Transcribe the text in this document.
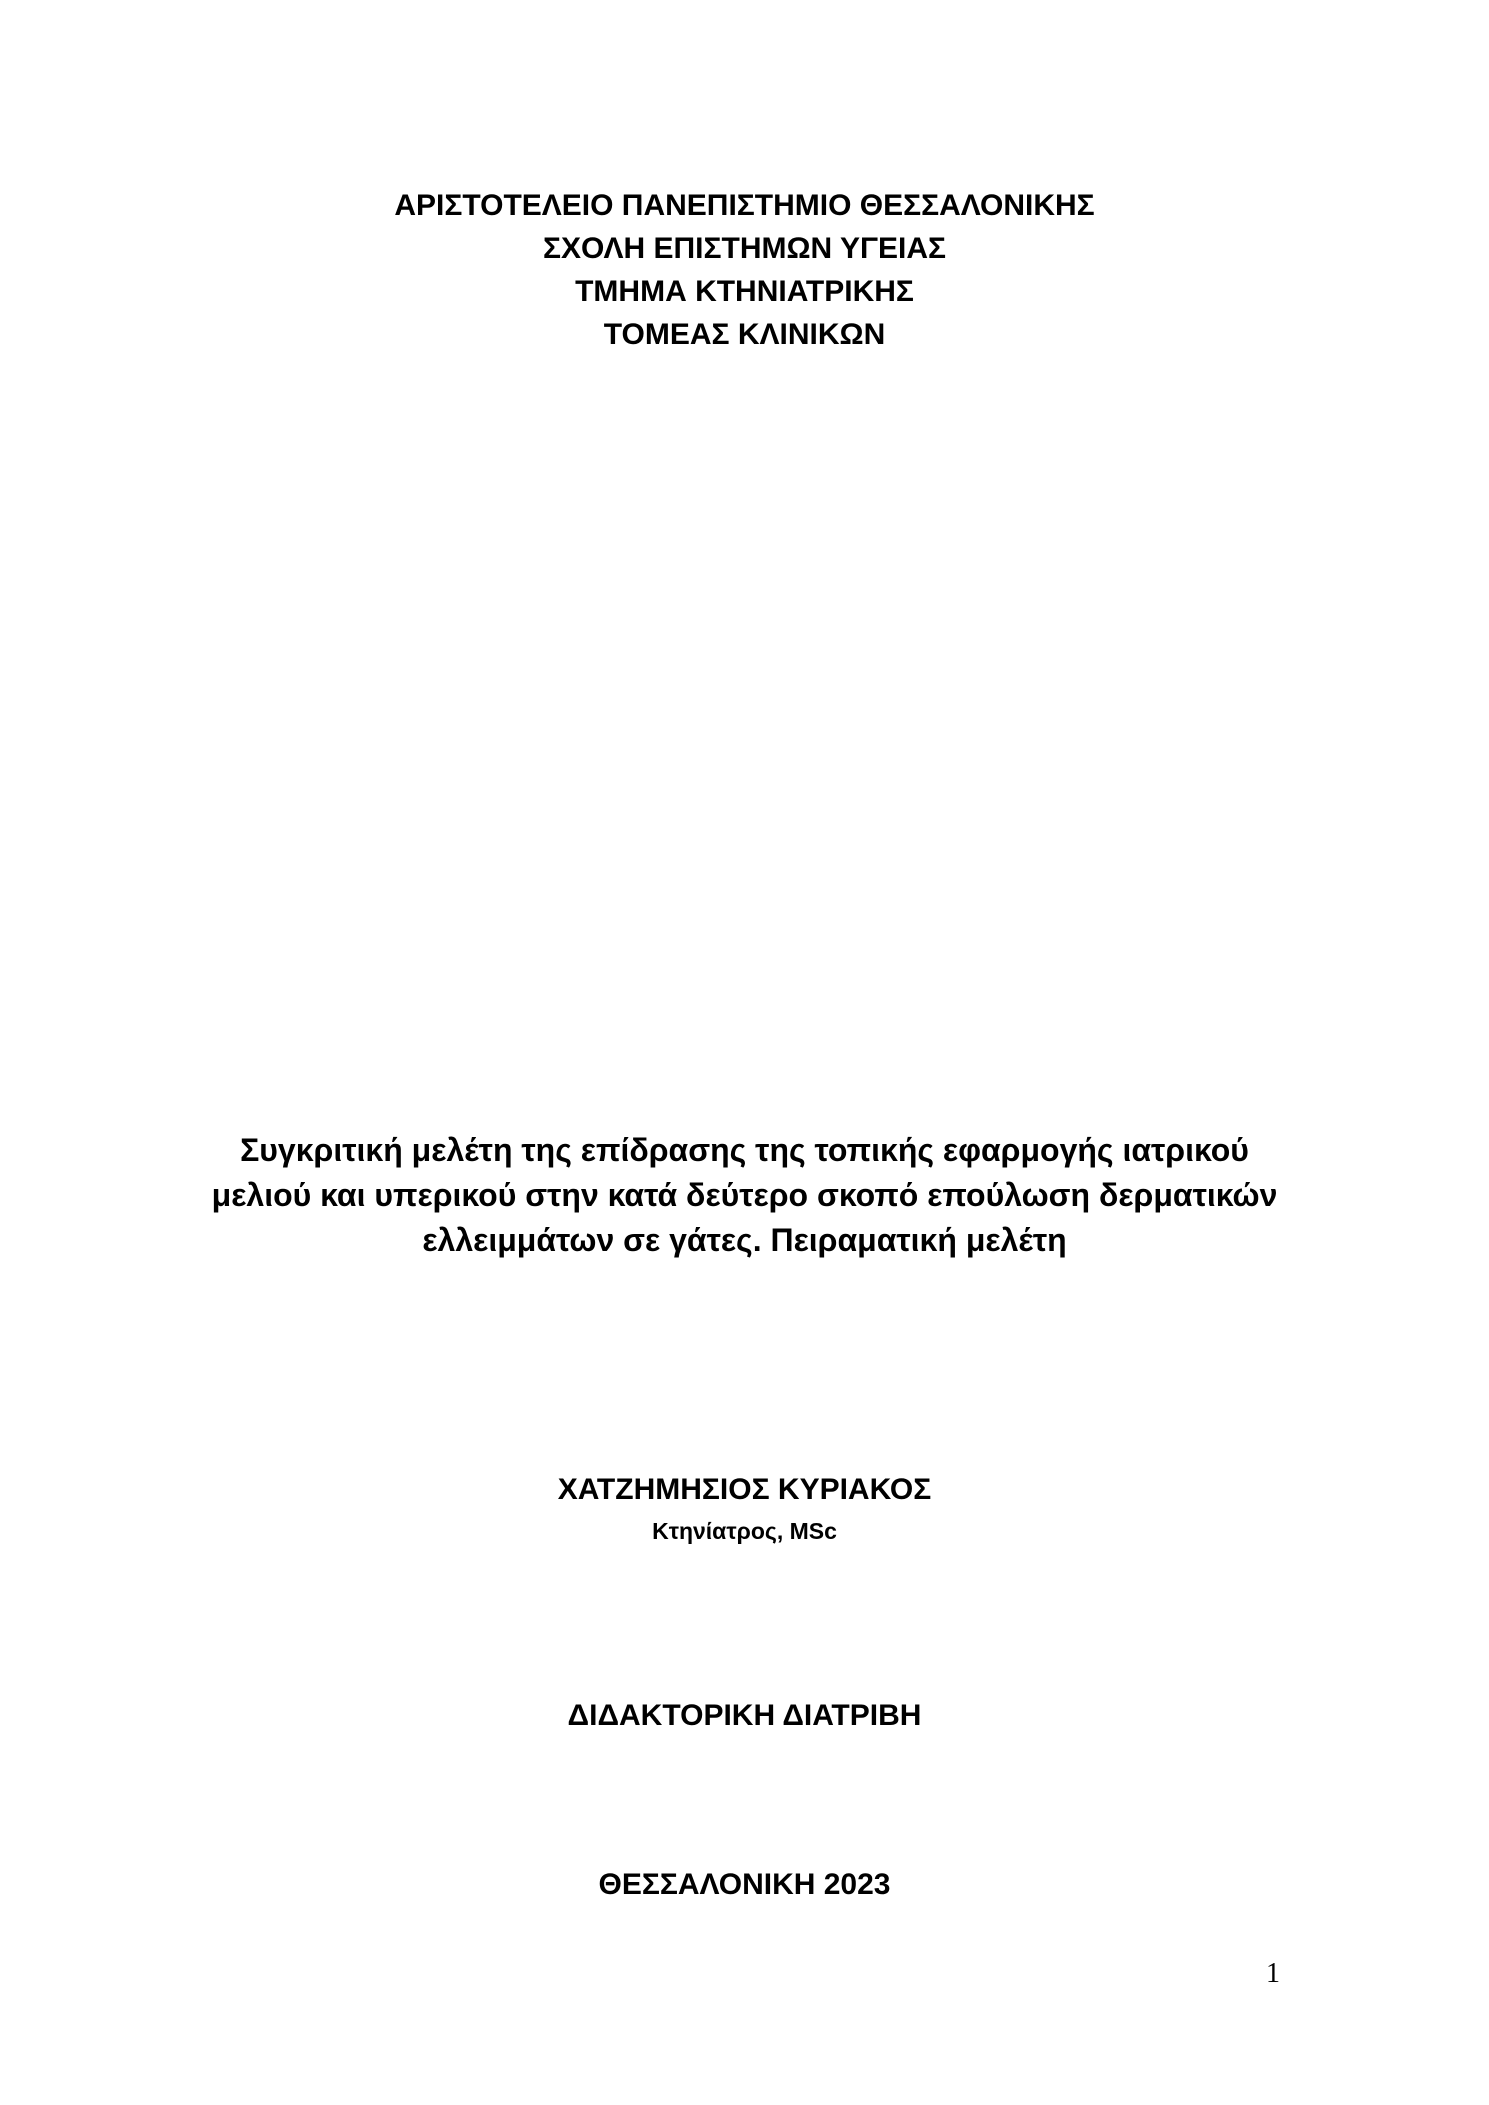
ΑΡΙΣΤΟΤΕΛΕΙΟ ΠΑΝΕΠΙΣΤΗΜΙΟ ΘΕΣΣΑΛΟΝΙΚΗΣ
ΣΧΟΛΗ ΕΠΙΣΤΗΜΩΝ ΥΓΕΙΑΣ
ΤΜΗΜΑ ΚΤΗΝΙΑΤΡΙΚΗΣ
ΤΟΜΕΑΣ ΚΛΙΝΙΚΩΝ
Συγκριτική μελέτη της επίδρασης της τοπικής εφαρμογής ιατρικού
μελιού και υπερικού στην κατά δεύτερο σκοπό επούλωση δερματικών
ελλειμμάτων σε γάτες. Πειραματική μελέτη
ΧΑΤΖΗΜΗΣΙΟΣ ΚΥΡΙΑΚΟΣ
Κτηνίατρος, MSc
ΔΙΔΑΚΤΟΡΙΚΗ ΔΙΑΤΡΙΒΗ
ΘΕΣΣΑΛΟΝΙΚΗ 2023
1
